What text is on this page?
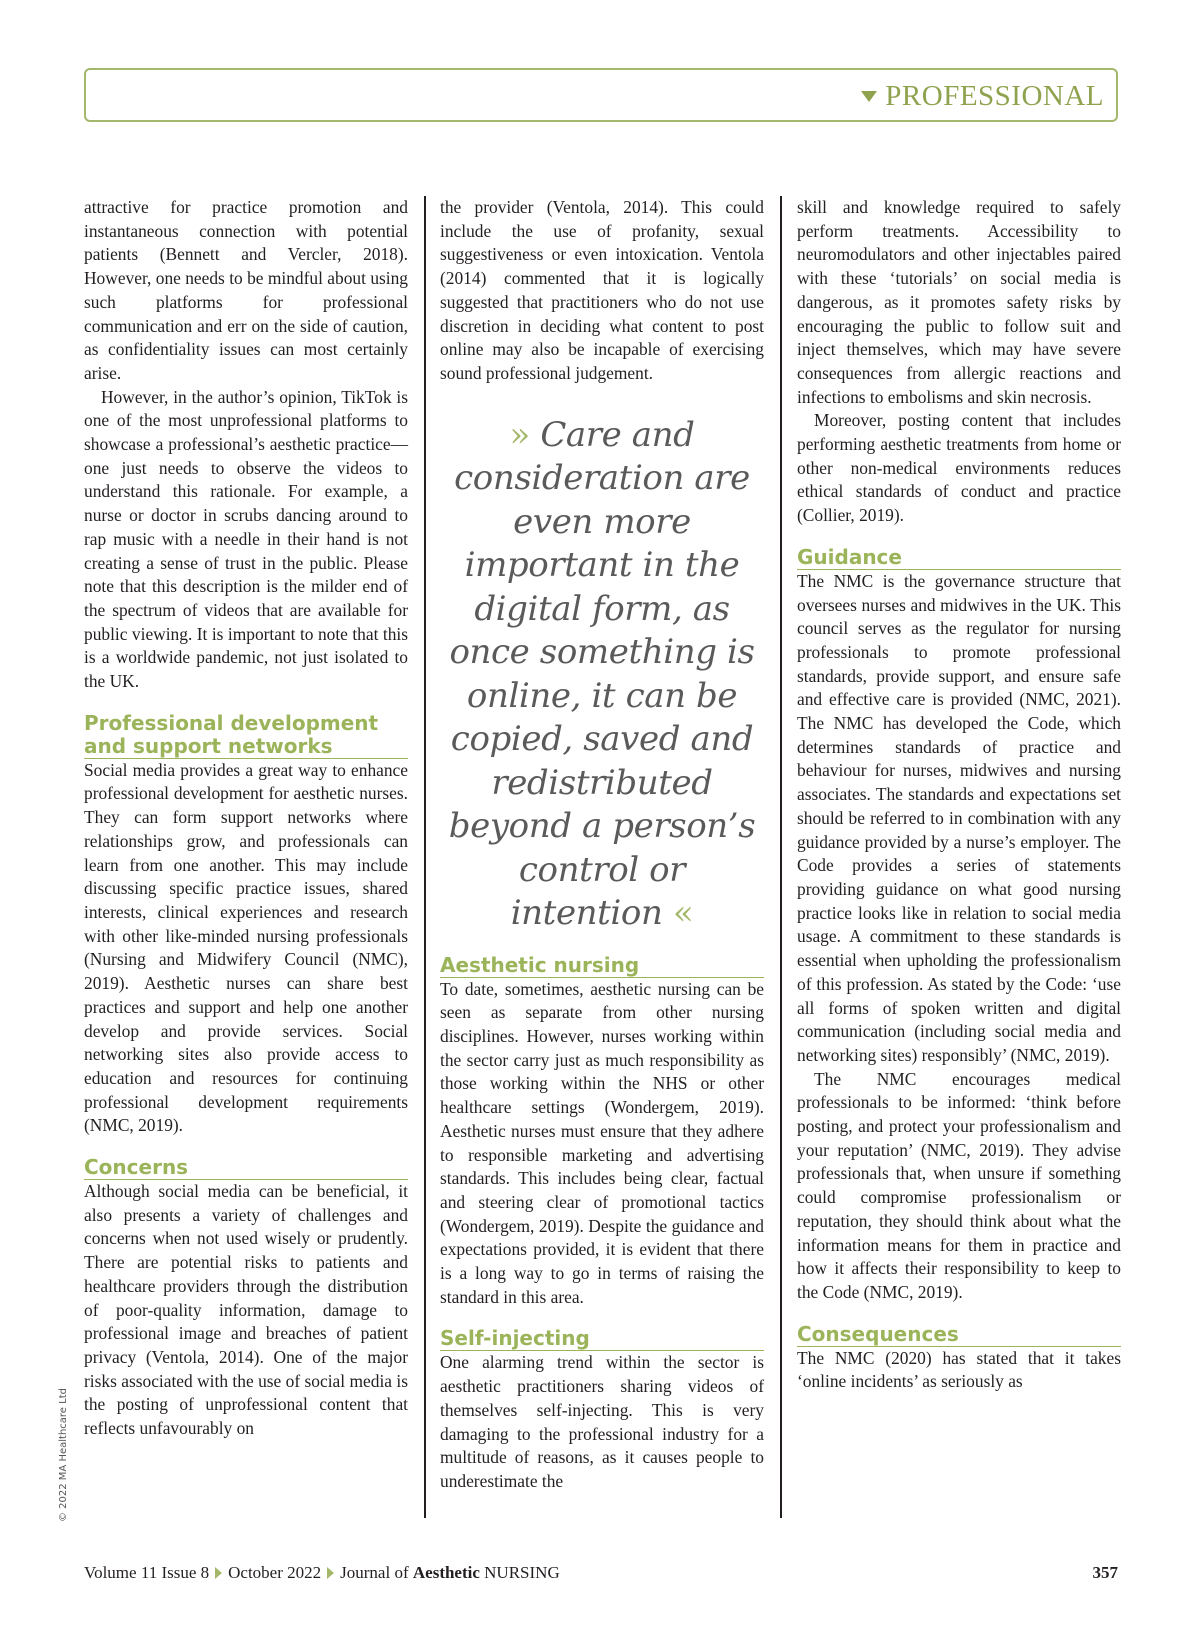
PROFESSIONAL

attractive for practice promotion and instantaneous connection with potential patients (Bennett and Vercler, 2018). However, one needs to be mindful about using such platforms for professional communication and err on the side of caution, as confidentiality issues can most certainly arise.

However, in the author’s opinion, TikTok is one of the most unprofessional platforms to showcase a professional’s aesthetic practice—one just needs to observe the videos to understand this rationale. For example, a nurse or doctor in scrubs dancing around to rap music with a needle in their hand is not creating a sense of trust in the public. Please note that this description is the milder end of the spectrum of videos that are available for public viewing. It is important to note that this is a worldwide pandemic, not just isolated to the UK.

Professional development and support networks

Social media provides a great way to enhance professional development for aesthetic nurses. They can form support networks where relationships grow, and professionals can learn from one another. This may include discussing specific practice issues, shared interests, clinical experiences and research with other like-minded nursing professionals (Nursing and Midwifery Council (NMC), 2019). Aesthetic nurses can share best practices and support and help one another develop and provide services. Social networking sites also provide access to education and resources for continuing professional development requirements (NMC, 2019).

Concerns

Although social media can be beneficial, it also presents a variety of challenges and concerns when not used wisely or prudently. There are potential risks to patients and healthcare providers through the distribution of poor-quality information, damage to professional image and breaches of patient privacy (Ventola, 2014). One of the major risks associated with the use of social media is the posting of unprofessional content that reflects unfavourably on

the provider (Ventola, 2014). This could include the use of profanity, sexual suggestiveness or even intoxication. Ventola (2014) commented that it is logically suggested that practitioners who do not use discretion in deciding what content to post online may also be incapable of exercising sound professional judgement.

» Care and consideration are even more important in the digital form, as once something is online, it can be copied, saved and redistributed beyond a person’s control or intention «
Aesthetic nursing

To date, sometimes, aesthetic nursing can be seen as separate from other nursing disciplines. However, nurses working within the sector carry just as much responsibility as those working within the NHS or other healthcare settings (Wondergem, 2019). Aesthetic nurses must ensure that they adhere to responsible marketing and advertising standards. This includes being clear, factual and steering clear of promotional tactics (Wondergem, 2019). Despite the guidance and expectations provided, it is evident that there is a long way to go in terms of raising the standard in this area.

Self-injecting

One alarming trend within the sector is aesthetic practitioners sharing videos of themselves self-injecting. This is very damaging to the professional industry for a multitude of reasons, as it causes people to underestimate the

skill and knowledge required to safely perform treatments. Accessibility to neuromodulators and other injectables paired with these ‘tutorials’ on social media is dangerous, as it promotes safety risks by encouraging the public to follow suit and inject themselves, which may have severe consequences from allergic reactions and infections to embolisms and skin necrosis.

Moreover, posting content that includes performing aesthetic treatments from home or other non-medical environments reduces ethical standards of conduct and practice (Collier, 2019).

Guidance

The NMC is the governance structure that oversees nurses and midwives in the UK. This council serves as the regulator for nursing professionals to promote professional standards, provide support, and ensure safe and effective care is provided (NMC, 2021). The NMC has developed the Code, which determines standards of practice and behaviour for nurses, midwives and nursing associates. The standards and expectations set should be referred to in combination with any guidance provided by a nurse’s employer. The Code provides a series of statements providing guidance on what good nursing practice looks like in relation to social media usage. A commitment to these standards is essential when upholding the professionalism of this profession. As stated by the Code: ‘use all forms of spoken written and digital communication (including social media and networking sites) responsibly’ (NMC, 2019).

The NMC encourages medical professionals to be informed: ‘think before posting, and protect your professionalism and your reputation’ (NMC, 2019). They advise professionals that, when unsure if something could compromise professionalism or reputation, they should think about what the information means for them in practice and how it affects their responsibility to keep to the Code (NMC, 2019).

Consequences

The NMC (2020) has stated that it takes ‘online incidents’ as seriously as

© 2022 MA Healthcare Ltd
Volume 11 Issue 8 October 2022 Journal of
Aesthetic
NURSING	357
